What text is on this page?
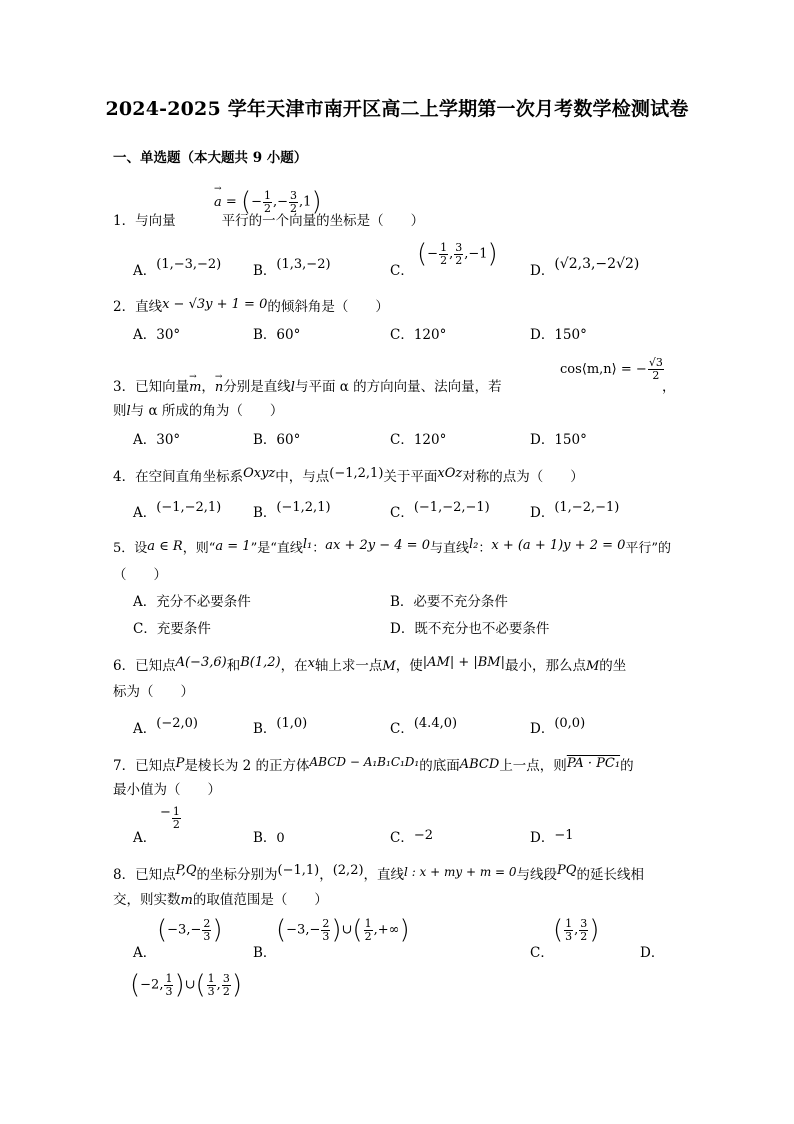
2024-2025 学年天津市南开区高二上学期第一次月考数学检测试卷
一、单选题（本大题共 9 小题）
1．与向量	平行的一个向量的坐标是（　　）
→ a = (− $\frac{1}{2}$ ,− $\frac{3}{2} ,1$)
A．(1,−3,−2) B．(1,3,−2)	C．
(− $\frac{1}{2}$ , $\frac{3}{2} ,-1$)
D．(√2,3,−2√2)
2．直线x − √3y + 1 = 0的倾斜角是（　　）
A．30°	B．60°	C．120°	D．150°
cos⟨m,n⟩ = − $\frac{√3}{2}$
3．已知向量→ m，→ n分别是直线l与平面 α 的方向向量、法向量，若	，
则l与 α 所成的角为（　　）
A．30°	B．60°	C．120°	D．150°
4．在空间直角坐标系Oxyz中，与点(−1,2,1)关于平面xOz对称的点为（　　）
A．(−1,−2,1) B．(−1,2,1)	C．(−1,−2,−1)	D．(1,−2,−1)
5．设a ∈ R，则“a = 1”是“直线l₁：ax + 2y − 4 = 0与直线l₂：x + (a + 1)y + 2 = 0平行”的
（　　）
A．充分不必要条件	B．必要不充分条件
C．充要条件	D．既不充分也不必要条件
6．已知点A(−3,6)和B(1,2)，在x轴上求一点M，使|AM| + |BM|最小，那么点M的坐
标为（　　）
A．(−2,0)	B．(1,0)	C．(4.4,0)	D．(0,0)
7．已知点P是棱长为 2 的正方体ABCD − A₁B₁C₁D₁的底面ABCD上一点，则PA · PC₁的
最小值为（　　）
A．
− $\frac{1}{2}$
B．0	C．−2	D．−1
8．已知点P,Q的坐标分别为(−1,1)，(2,2)，直线l : x + my + m = 0与线段PQ的延长线相
交，则实数m的取值范围是（　　）
A．
($-3,- \frac{2}{3}$ )
B．
($-3,- \frac{2}{3}$ )∪( $\frac{1}{2}$ ,+∞)
C．
( $\frac{1}{3}$ , $\frac{3}{2}$ )
D．
(−2, $\frac{1}{3}$ )∪( $\frac{1}{3}$ , $\frac{3}{2}$ )
